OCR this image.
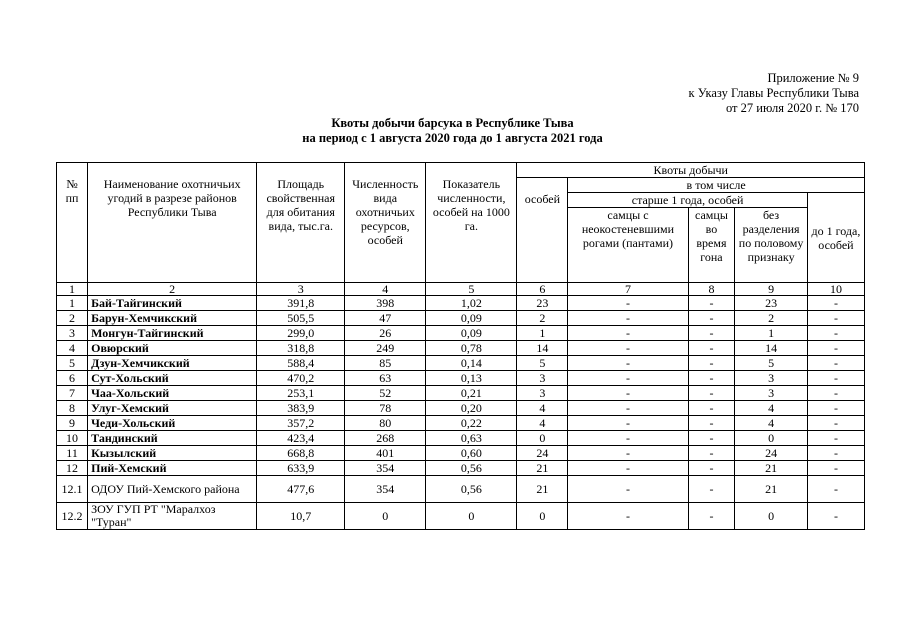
Приложение № 9
к Указу Главы Республики Тыва
от 27 июля 2020 г. № 170
Квоты добычи барсука в Республике Тыва
на период с 1 августа 2020 года до 1 августа 2021 года
№ пп	Наименование охотничьих угодий в разрезе районов Республики Тыва	Площадь свойственная для обитания вида, тыс.га.	Численность вида охотничьих ресурсов, особей	Показатель численности, особей на 1000 га.	Квоты добычи				
					особей	в том числе			
						старше 1 года, особей			до 1 года, особей
						самцы с неокостеневшими рогами (пантами)	самцы во время гона	без разделения по половому признаку	
1	2	3	4	5	6	7	8	9	10
1	Бай-Тайгинский	391,8	398	1,02	23	-	-	23	-
2	Барун-Хемчикский	505,5	47	0,09	2	-	-	2	-
3	Монгун-Тайгинский	299,0	26	0,09	1	-	-	1	-
4	Овюрский	318,8	249	0,78	14	-	-	14	-
5	Дзун-Хемчикский	588,4	85	0,14	5	-	-	5	-
6	Сут-Хольский	470,2	63	0,13	3	-	-	3	-
7	Чаа-Хольский	253,1	52	0,21	3	-	-	3	-
8	Улуг-Хемский	383,9	78	0,20	4	-	-	4	-
9	Чеди-Хольский	357,2	80	0,22	4	-	-	4	-
10	Тандинский	423,4	268	0,63	0	-	-	0	-
11	Кызылский	668,8	401	0,60	24	-	-	24	-
12	Пий-Хемский	633,9	354	0,56	21	-	-	21	-
12.1	ОДОУ Пий-Хемского района	477,6	354	0,56	21	-	-	21	-
12.2	ЗОУ ГУП РТ "Маралхоз "Туран"	10,7	0	0	0	-	-	0	-
